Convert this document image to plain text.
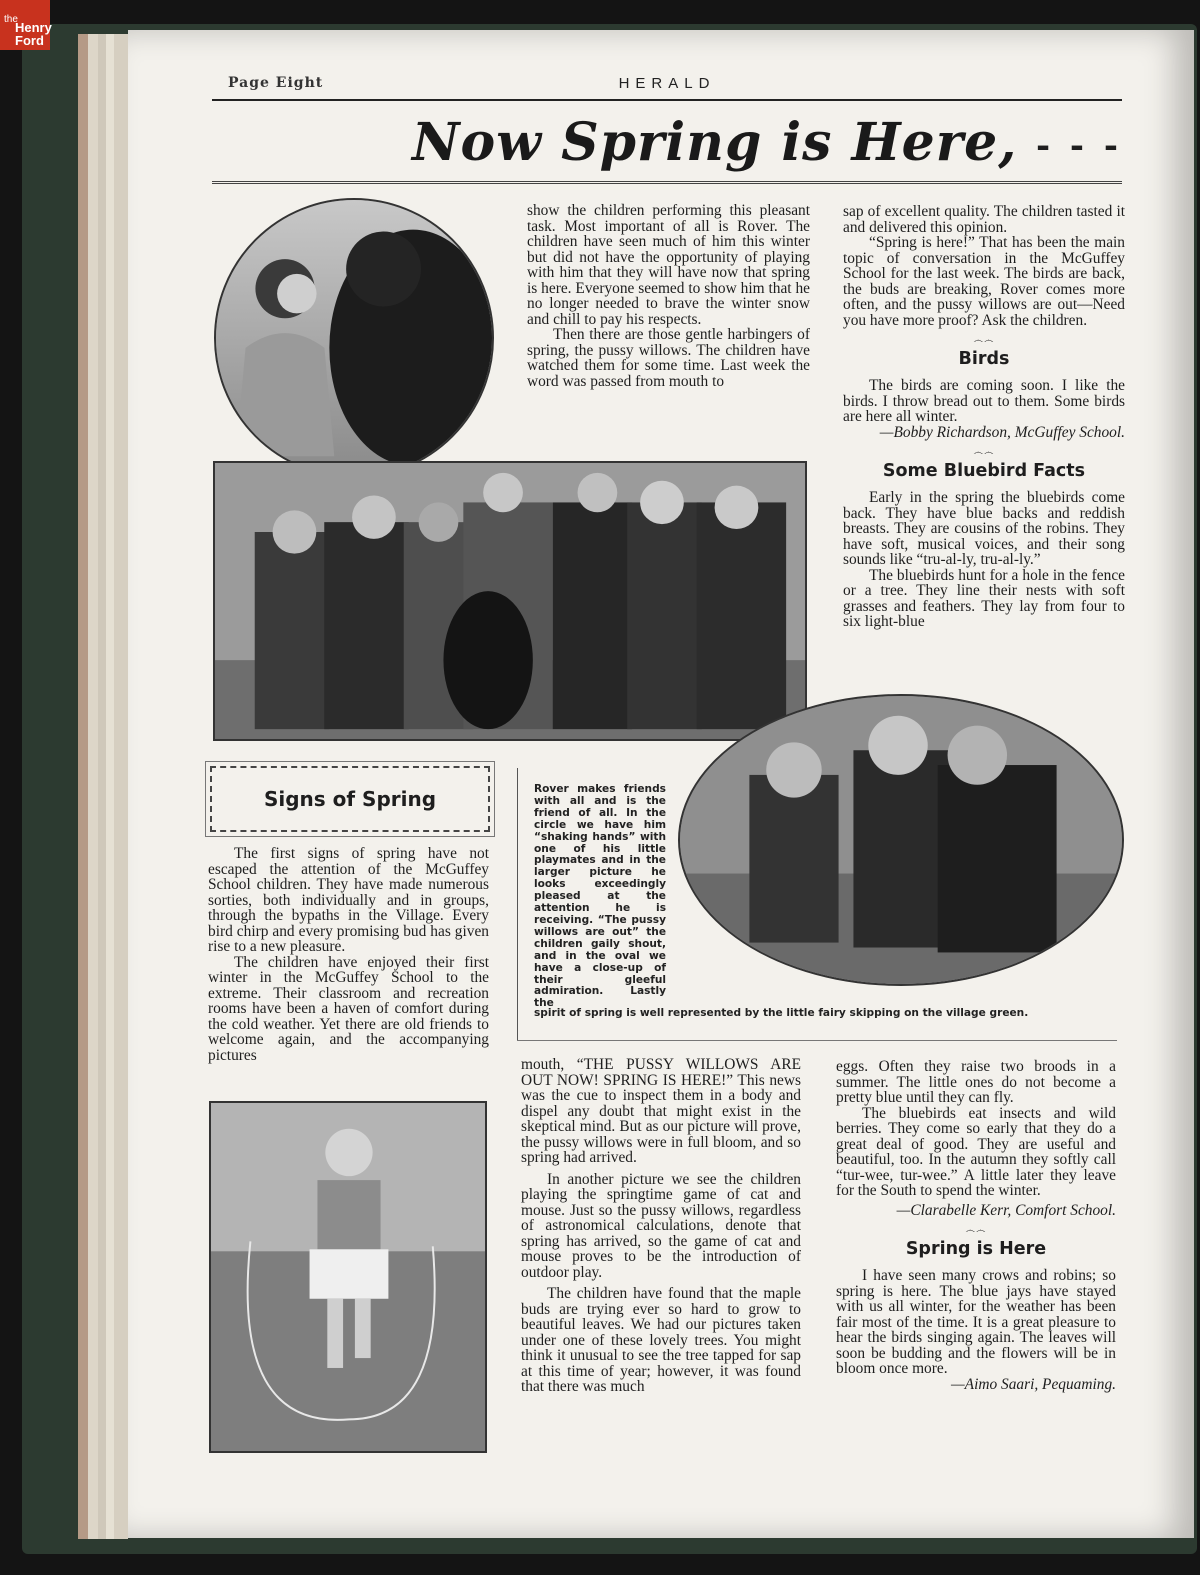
the
Henry
Ford
Page Eight	HERALD
Now Spring is Here, - - -

show the children performing this pleasant task. Most important of all is Rover. The children have seen much of him this winter but did not have the opportunity of playing with him that they will have now that spring is here. Everyone seemed to show him that he no longer needed to brave the winter snow and chill to pay his respects.

Then there are those gentle harbingers of spring, the pussy willows. The children have watched them for some time. Last week the word was passed from mouth to

sap of excellent quality. The children tasted it and delivered this opinion.

“Spring is here!” That has been the main topic of conversation in the McGuffey School for the last week. The birds are back, the buds are breaking, Rover comes more often, and the pussy willows are out—Need you have more proof? Ask the children.

෴෴
Birds

The birds are coming soon. I like the birds. I throw bread out to them. Some birds are here all winter.

—Bobby Richardson, McGuffey School.

෴෴
Some Bluebird Facts

Early in the spring the bluebirds come back. They have blue backs and reddish breasts. They are cousins of the robins. They have soft, musical voices, and their song sounds like “tru-al-ly, tru-al-ly.”

The bluebirds hunt for a hole in the fence or a tree. They line their nests with soft grasses and feathers. They lay from four to six light-blue

Signs of Spring

The first signs of spring have not escaped the attention of the McGuffey School children. They have made numerous sorties, both individually and in groups, through the bypaths in the Village. Every bird chirp and every promising bud has given rise to a new pleasure.

The children have enjoyed their first winter in the McGuffey School to the extreme. Their classroom and recreation rooms have been a haven of comfort during the cold weather. Yet there are old friends to welcome again, and the accompanying pictures

Rover makes friends with all and is the friend of all. In the circle we have him “shaking hands” with one of his little playmates and in the larger picture he looks exceedingly pleased at the attention he is receiving. “The pussy willows are out” the children gaily shout, and in the oval we have a close-up of their gleeful admiration. Lastly the
spirit of spring is well represented by the little fairy skipping on the village green.

mouth, “THE PUSSY WILLOWS ARE OUT NOW! SPRING IS HERE!” This news was the cue to inspect them in a body and dispel any doubt that might exist in the skeptical mind. But as our picture will prove, the pussy willows were in full bloom, and so spring had arrived.

In another picture we see the children playing the springtime game of cat and mouse. Just so the pussy willows, regardless of astronomical calculations, denote that spring has arrived, so the game of cat and mouse proves to be the introduction of outdoor play.

The children have found that the maple buds are trying ever so hard to grow to beautiful leaves. We had our pictures taken under one of these lovely trees. You might think it unusual to see the tree tapped for sap at this time of year; however, it was found that there was much

eggs. Often they raise two broods in a summer. The little ones do not become a pretty blue until they can fly.

The bluebirds eat insects and wild berries. They come so early that they do a great deal of good. They are useful and beautiful, too. In the autumn they softly call “tur-wee, tur-wee.” A little later they leave for the South to spend the winter.

—Clarabelle Kerr, Comfort School.

෴෴
Spring is Here

I have seen many crows and robins; so spring is here. The blue jays have stayed with us all winter, for the weather has been fair most of the time. It is a great pleasure to hear the birds singing again. The leaves will soon be budding and the flowers will be in bloom once more.

—Aimo Saari, Pequaming.
